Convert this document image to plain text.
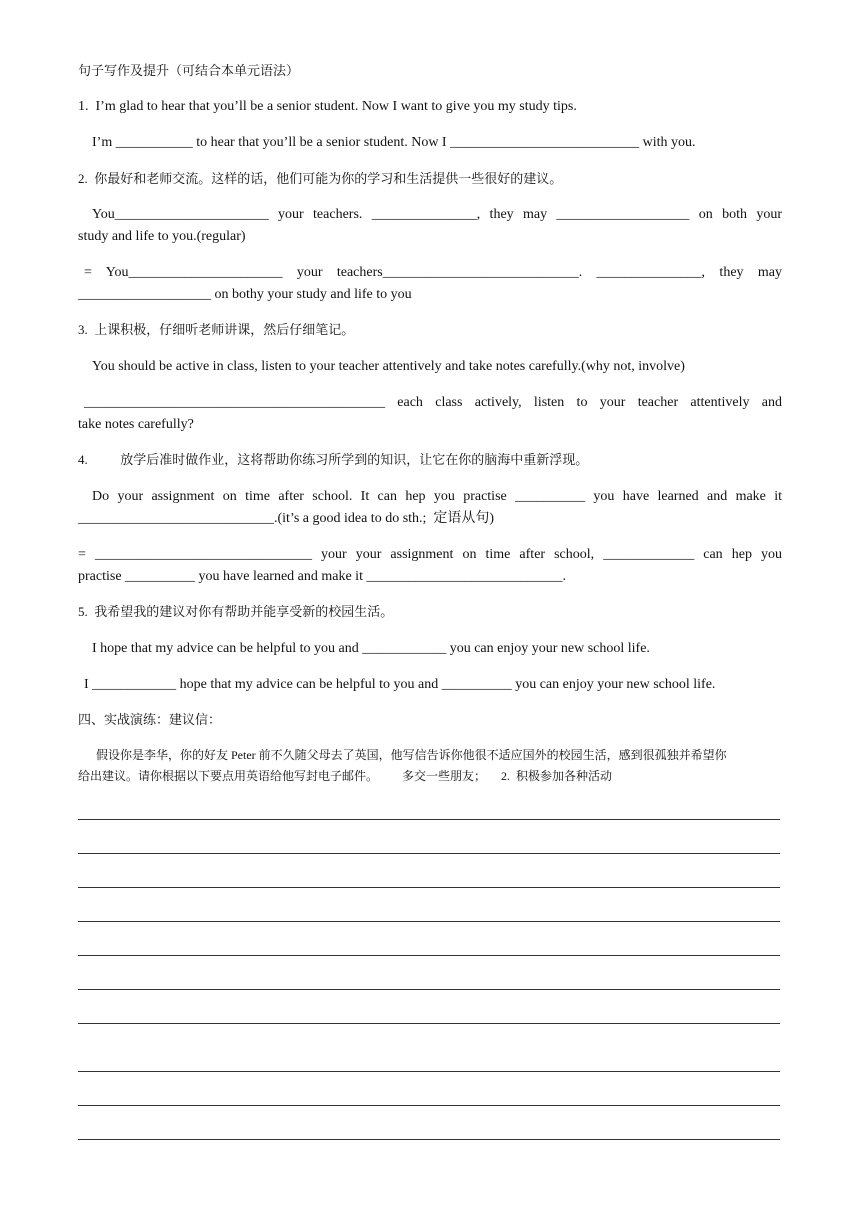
句子写作及提升（可结合本单元语法）
1.  I’m glad to hear that you’ll be a senior student. Now I want to give you my study tips.
I’m ___________ to hear that you’ll be a senior student. Now I ___________________________ with you.
2.  你最好和老师交流。这样的话，他们可能为你的学习和生活提供一些很好的建议。
You______________________ your teachers. _______________, they may ___________________ on both your
study and life to you.(regular)
= You______________________ your teachers____________________________. _______________, they may
___________________ on bothy your study and life to you
3.  上课积极，仔细听老师讲课，然后仔细笔记。
You should be active in class, listen to your teacher attentively and take notes carefully.(why not, involve)
___________________________________________ each class actively, listen to your teacher attentively and
take notes carefully?
4.          放学后准时做作业，这将帮助你练习所学到的知识，让它在你的脑海中重新浮现。
Do your assignment on time after school. It can hep you practise __________ you have learned and make it
____________________________.(it’s a good idea to do sth.;  定语从句)
= _______________________________ your your assignment on time after school, _____________ can hep you
practise __________ you have learned and make it ____________________________.
5.  我希望我的建议对你有帮助并能享受新的校园生活。
I hope that my advice can be helpful to you and ____________ you can enjoy your new school life.
I ____________ hope that my advice can be helpful to you and __________ you can enjoy your new school life.
四、实战演练：建议信：
假设你是李华，你的好友 Peter 前不久随父母去了英国，他写信告诉你他很不适应国外的校园生活，感到很孤独并希望你
给出建议。请你根据以下要点用英语给他写封电子邮件。        多交一些朋友；     2.  积极参加各种活动
